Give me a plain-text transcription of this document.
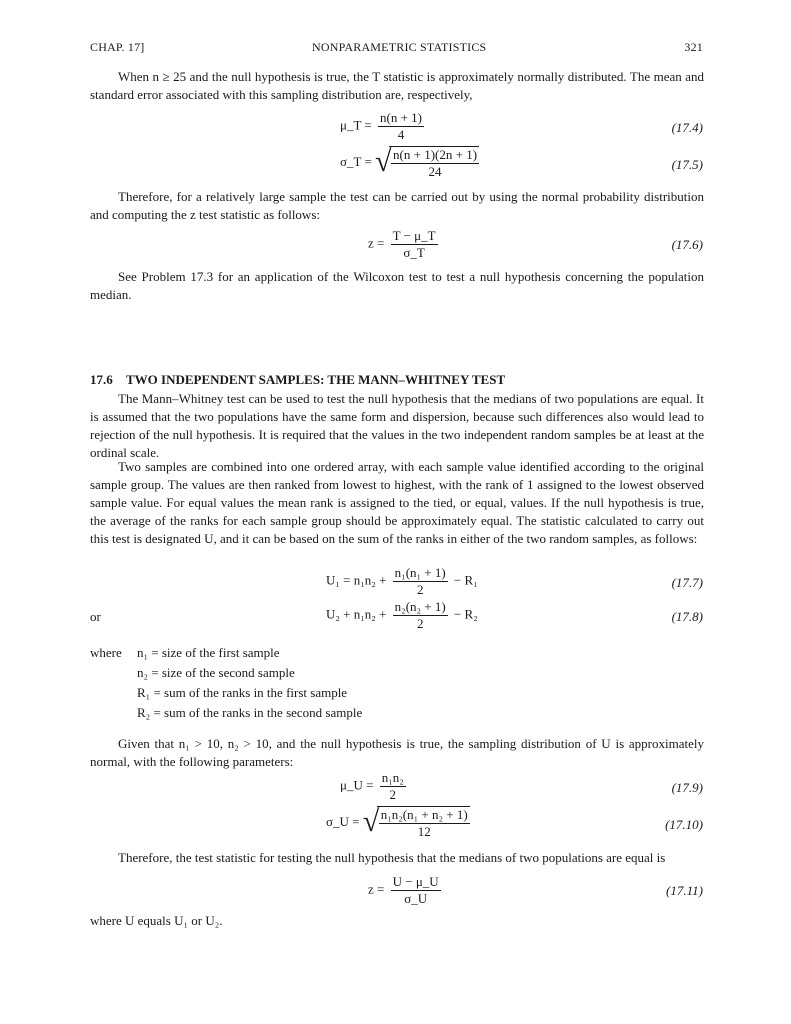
CHAP. 17]	NONPARAMETRIC STATISTICS	321
When n ≥ 25 and the null hypothesis is true, the T statistic is approximately normally distributed. The mean and standard error associated with this sampling distribution are, respectively,
μ_T = $\frac{n(n + 1)}{4}$	(17.4)
σ_T = √ $\frac{n(n + 1)(2n + 1)}{24}$	(17.5)
Therefore, for a relatively large sample the test can be carried out by using the normal probability distribution and computing the z test statistic as follows:
$z = \frac{T - \mu\_T}{\sigma\_T}$	(17.6)
See Problem 17.3 for an application of the Wilcoxon test to test a null hypothesis concerning the population median.
17.6 TWO INDEPENDENT SAMPLES: THE MANN–WHITNEY TEST
The Mann–Whitney test can be used to test the null hypothesis that the medians of two populations are equal. It is assumed that the two populations have the same form and dispersion, because such differences also would lead to rejection of the null hypothesis. It is required that the values in the two independent random samples be at least at the ordinal scale.
Two samples are combined into one ordered array, with each sample value identified according to the original sample group. The values are then ranked from lowest to highest, with the rank of 1 assigned to the lowest observed sample value. For equal values the mean rank is assigned to the tied, or equal, values. If the null hypothesis is true, the average of the ranks for each sample group should be approximately equal. The statistic calculated to carry out this test is designated U, and it can be based on the sum of the ranks in either of the two random samples, as follows:
$U_1 = n_1n_2 + \frac{\text{n₁(n₁ + 1)}}{2} - R_1$	(17.7)
or	$U_2 + n_1n_2 + \frac{\text{n₂(n₂ + 1)}}{2} - R_2$	(17.8)
where n₁ = size of the first sample
n₂ = size of the second sample
R₁ = sum of the ranks in the first sample
R₂ = sum of the ranks in the second sample
Given that n₁ > 10, n₂ > 10, and the null hypothesis is true, the sampling distribution of U is approximately normal, with the following parameters:
μ_U = $\frac{\text{n₁n₂}}{2}$	(17.9)
σ_U = √ $\frac{\text{n₁n₂(n₁ + n₂ + 1)}}{12}$	(17.10)
Therefore, the test statistic for testing the null hypothesis that the medians of two populations are equal is
$z = \frac{U - \mu\_U}{\sigma\_U}$	(17.11)
where U equals U₁ or U₂.
